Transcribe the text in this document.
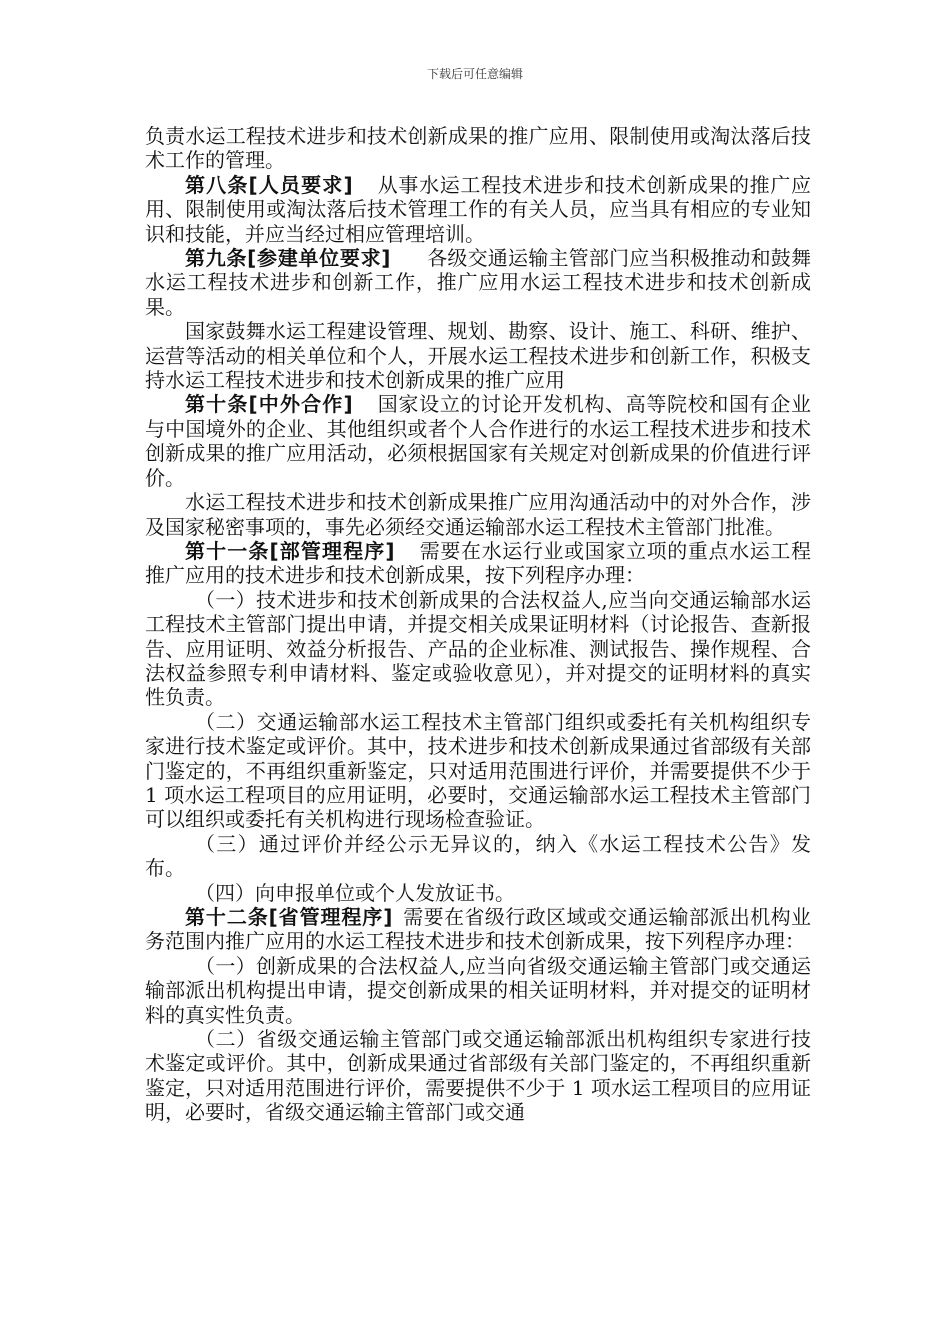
下载后可任意编辑

负责水运工程技术进步和技术创新成果的推广应用、限制使用或淘汰落后技术工作的管理。

第八条[人员要求] 从事水运工程技术进步和技术创新成果的推广应用、限制使用或淘汰落后技术管理工作的有关人员，应当具有相应的专业知识和技能，并应当经过相应管理培训。

第九条[参建单位要求] 各级交通运输主管部门应当积极推动和鼓舞水运工程技术进步和创新工作，推广应用水运工程技术进步和技术创新成果。

国家鼓舞水运工程建设管理、规划、勘察、设计、施工、科研、维护、运营等活动的相关单位和个人，开展水运工程技术进步和创新工作，积极支持水运工程技术进步和技术创新成果的推广应用

第十条[中外合作] 国家设立的讨论开发机构、高等院校和国有企业与中国境外的企业、其他组织或者个人合作进行的水运工程技术进步和技术创新成果的推广应用活动，必须根据国家有关规定对创新成果的价值进行评价。

水运工程技术进步和技术创新成果推广应用沟通活动中的对外合作，涉及国家秘密事项的，事先必须经交通运输部水运工程技术主管部门批准。

第十一条[部管理程序] 需要在水运行业或国家立项的重点水运工程推广应用的技术进步和技术创新成果，按下列程序办理：

（一）技术进步和技术创新成果的合法权益人,应当向交通运输部水运工程技术主管部门提出申请，并提交相关成果证明材料（讨论报告、查新报告、应用证明、效益分析报告、产品的企业标准、测试报告、操作规程、合法权益参照专利申请材料、鉴定或验收意见），并对提交的证明材料的真实性负责。

（二）交通运输部水运工程技术主管部门组织或委托有关机构组织专家进行技术鉴定或评价。其中，技术进步和技术创新成果通过省部级有关部门鉴定的，不再组织重新鉴定，只对适用范围进行评价，并需要提供不少于 1 项水运工程项目的应用证明，必要时，交通运输部水运工程技术主管部门可以组织或委托有关机构进行现场检查验证。

（三）通过评价并经公示无异议的，纳入《水运工程技术公告》发布。

（四）向申报单位或个人发放证书。

第十二条[省管理程序] 需要在省级行政区域或交通运输部派出机构业务范围内推广应用的水运工程技术进步和技术创新成果，按下列程序办理：

（一）创新成果的合法权益人,应当向省级交通运输主管部门或交通运输部派出机构提出申请，提交创新成果的相关证明材料，并对提交的证明材料的真实性负责。

（二）省级交通运输主管部门或交通运输部派出机构组织专家进行技术鉴定或评价。其中，创新成果通过省部级有关部门鉴定的，不再组织重新鉴定，只对适用范围进行评价，需要提供不少于 1 项水运工程项目的应用证明，必要时，省级交通运输主管部门或交通
